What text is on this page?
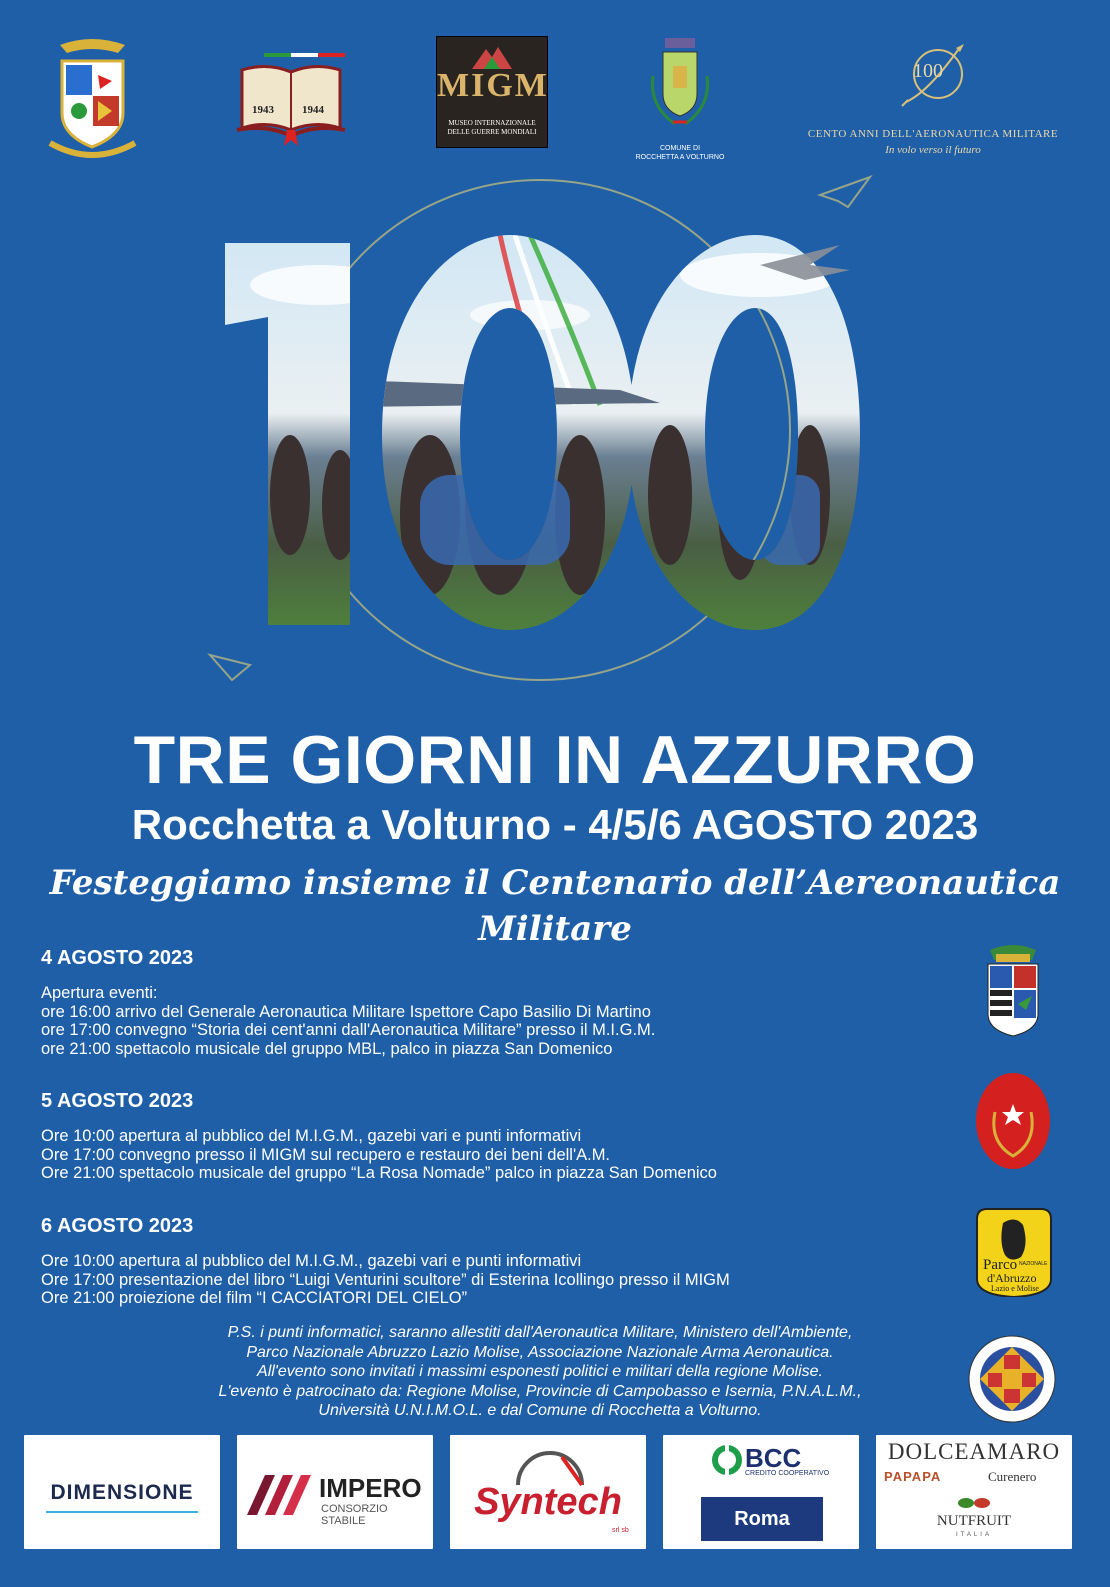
1943	1944
MIGM
MUSEO INTERNAZIONALE DELLE GUERRE MONDIALI
COMUNE DI
ROCCHETTA A VOLTURNO
100
CENTO ANNI DELL'AERONAUTICA MILITARE
In volo verso il futuro
TRE GIORNI IN AZZURRO
Rocchetta a Volturno - 4/5/6 AGOSTO 2023
Festeggiamo insieme il Centenario dell’Aereonautica Militare
4 AGOSTO 2023

Apertura eventi:

ore 16:00 arrivo del Generale Aeronautica Militare Ispettore Capo Basilio Di Martino

ore 17:00 convegno “Storia dei cent'anni dall'Aeronautica Militare” presso il M.I.G.M.

ore 21:00 spettacolo musicale del gruppo MBL, palco in piazza San Domenico

5 AGOSTO 2023

Ore 10:00 apertura al pubblico del M.I.G.M., gazebi vari e punti informativi

Ore 17:00 convegno presso il MIGM sul recupero e restauro dei beni dell'A.M.

Ore 21:00 spettacolo musicale del gruppo “La Rosa Nomade” palco in piazza San Domenico

6 AGOSTO 2023

Ore 10:00 apertura al pubblico del M.I.G.M., gazebi vari e punti informativi

Ore 17:00 presentazione del libro “Luigi Venturini scultore” di Esterina Icollingo presso il MIGM

Ore 21:00 proiezione del film “I CACCIATORI DEL CIELO”

P.S. i punti informatici, saranno allestiti dall'Aeronautica Militare, Ministero dell'Ambiente,
Parco Nazionale Abruzzo Lazio Molise, Associazione Nazionale Arma Aeronautica.
All'evento sono invitati i massimi esponesti politici e militari della regione Molise.
L'evento è patrocinato da: Regione Molise, Provincie di Campobasso e Isernia, P.N.A.L.M.,
Università U.N.I.M.O.L. e dal Comune di Rocchetta a Volturno.
Parco NAZIONALE
d'Abruzzo
Lazio e Molise
DIMENSIONE	IMPERO
CONSORZIO STABILE	Syntech
srl sb
BCC
CREDITO COOPERATIVO
Roma
DOLCEAMARO
PAPAPA	Curenero
NUTFRUIT
ITALIA
